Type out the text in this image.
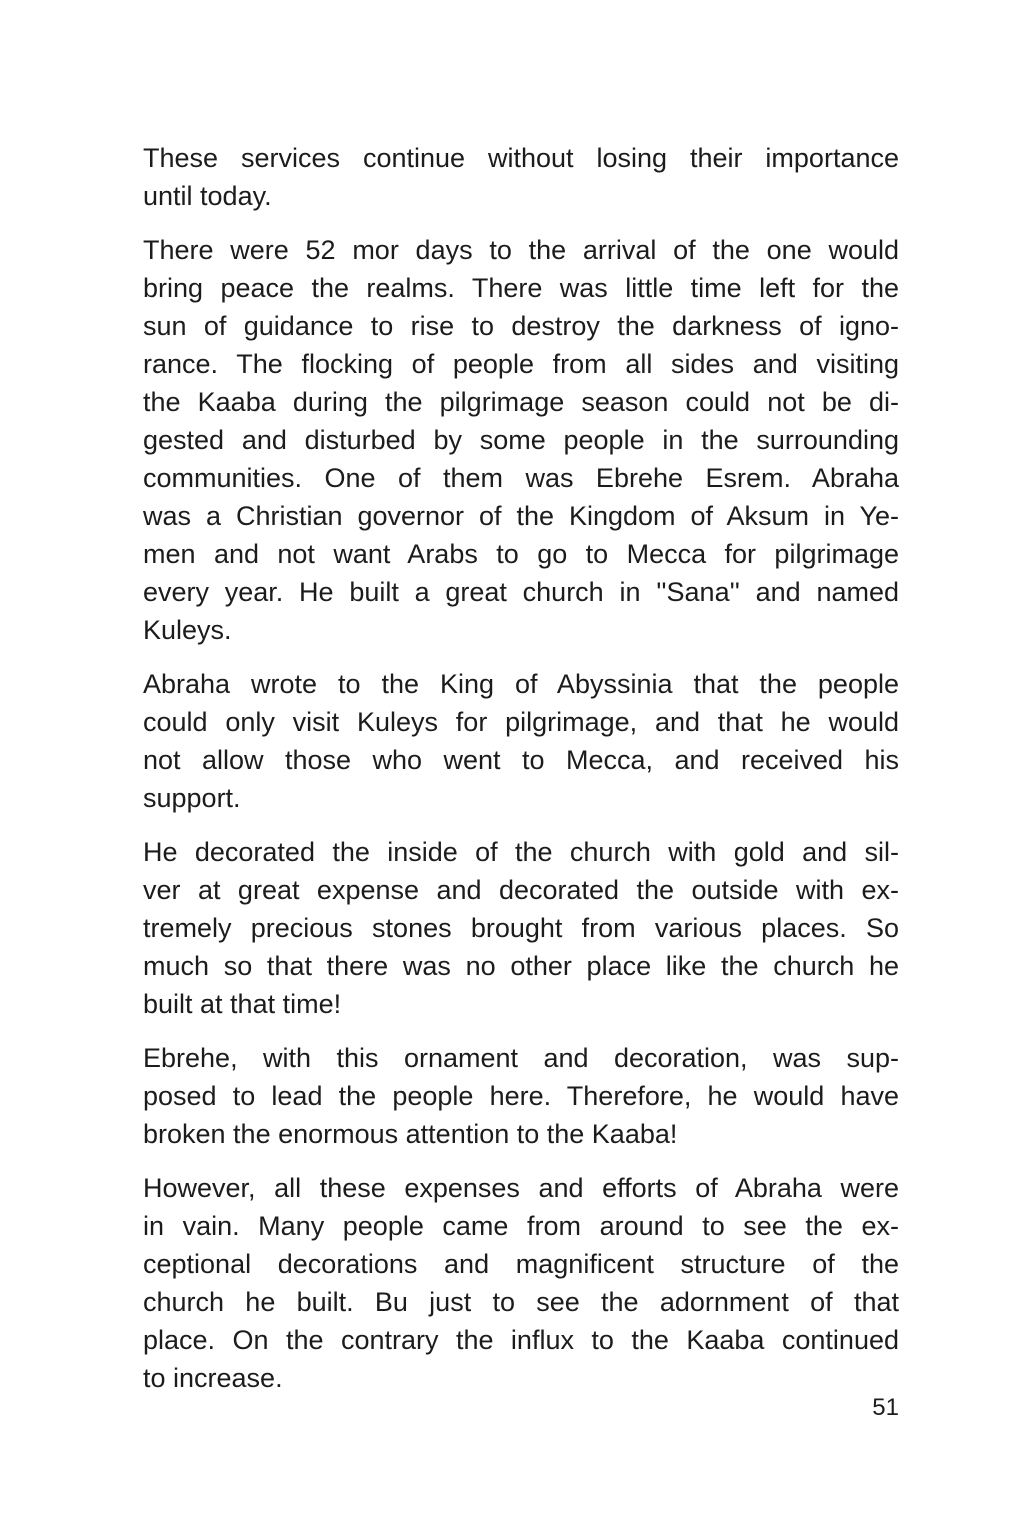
These services continue without losing their importance
until today.
There were 52 mor days to the arrival of the one would
bring peace the realms. There was little time left for the
sun of guidance to rise to destroy the darkness of igno-
rance. The flocking of people from all sides and visiting
the Kaaba during the pilgrimage season could not be di-
gested and disturbed by some people in the surrounding
communities. One of them was Ebrehe Esrem. Abraha
was a Christian governor of the Kingdom of Aksum in Ye-
men and not want Arabs to go to Mecca for pilgrimage
every year. He built a great church in ''Sana'' and named
Kuleys.
Abraha wrote to the King of Abyssinia that the people
could only visit Kuleys for pilgrimage, and that he would
not allow those who went to Mecca, and received his
support.
He decorated the inside of the church with gold and sil-
ver at great expense and decorated the outside with ex-
tremely precious stones brought from various places. So
much so that there was no other place like the church he
built at that time!
Ebrehe, with this ornament and decoration, was sup-
posed to lead the people here. Therefore, he would have
broken the enormous attention to the Kaaba!
However, all these expenses and efforts of Abraha were
in vain. Many people came from around to see the ex-
ceptional decorations and magnificent structure of the
church he built. Bu just to see the adornment of that
place. On the contrary the influx to the Kaaba continued
to increase.
51
